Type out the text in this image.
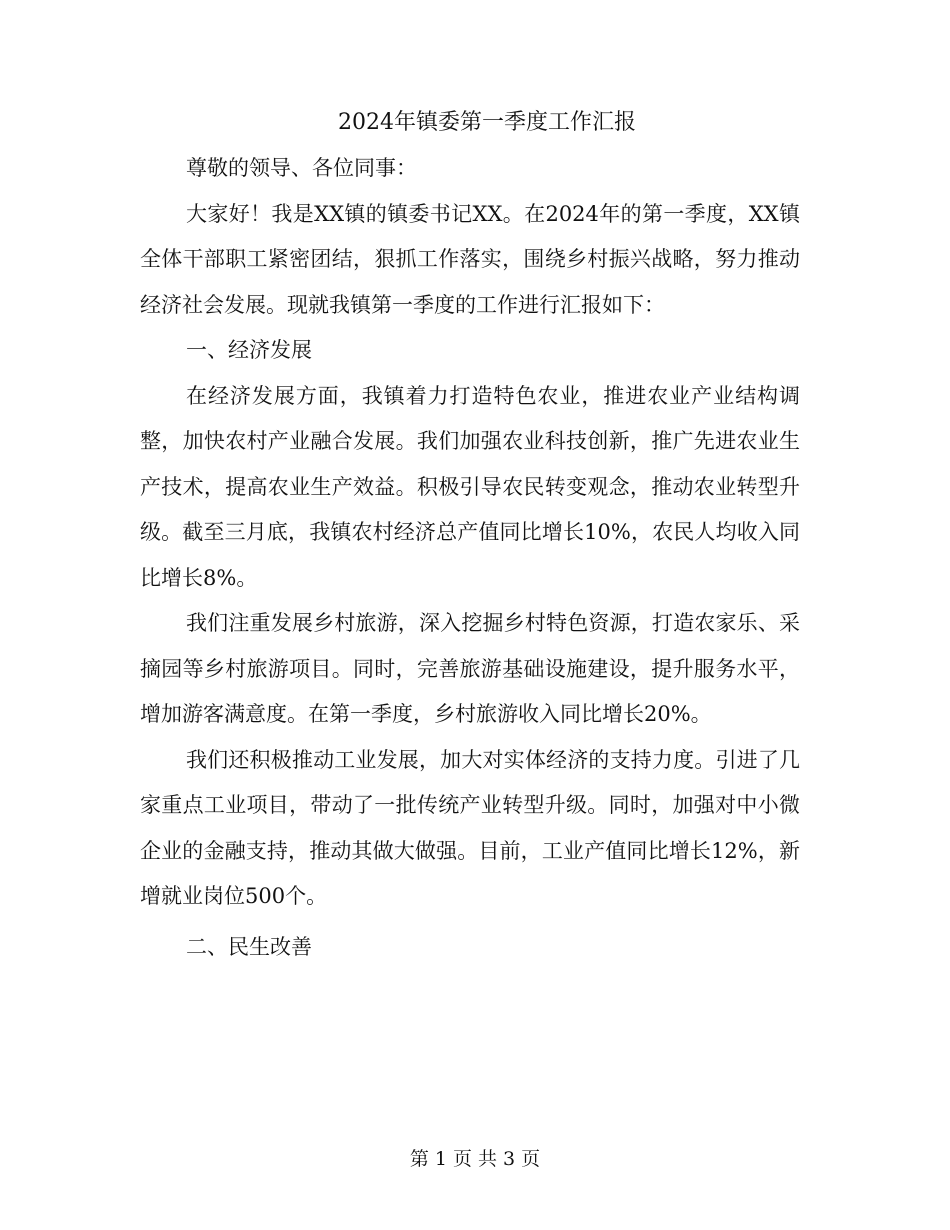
2024年镇委第一季度工作汇报

尊敬的领导、各位同事：

大家好！我是XX镇的镇委书记XX。在2024年的第一季度，XX镇全体干部职工紧密团结，狠抓工作落实，围绕乡村振兴战略，努力推动经济社会发展。现就我镇第一季度的工作进行汇报如下：

一、经济发展

在经济发展方面，我镇着力打造特色农业，推进农业产业结构调整，加快农村产业融合发展。我们加强农业科技创新，推广先进农业生产技术，提高农业生产效益。积极引导农民转变观念，推动农业转型升级。截至三月底，我镇农村经济总产值同比增长10%，农民人均收入同比增长8%。

我们注重发展乡村旅游，深入挖掘乡村特色资源，打造农家乐、采摘园等乡村旅游项目。同时，完善旅游基础设施建设，提升服务水平，增加游客满意度。在第一季度，乡村旅游收入同比增长20%。

我们还积极推动工业发展，加大对实体经济的支持力度。引进了几家重点工业项目，带动了一批传统产业转型升级。同时，加强对中小微企业的金融支持，推动其做大做强。目前，工业产值同比增长12%，新增就业岗位500个。

二、民生改善

第 1 页 共 3 页
